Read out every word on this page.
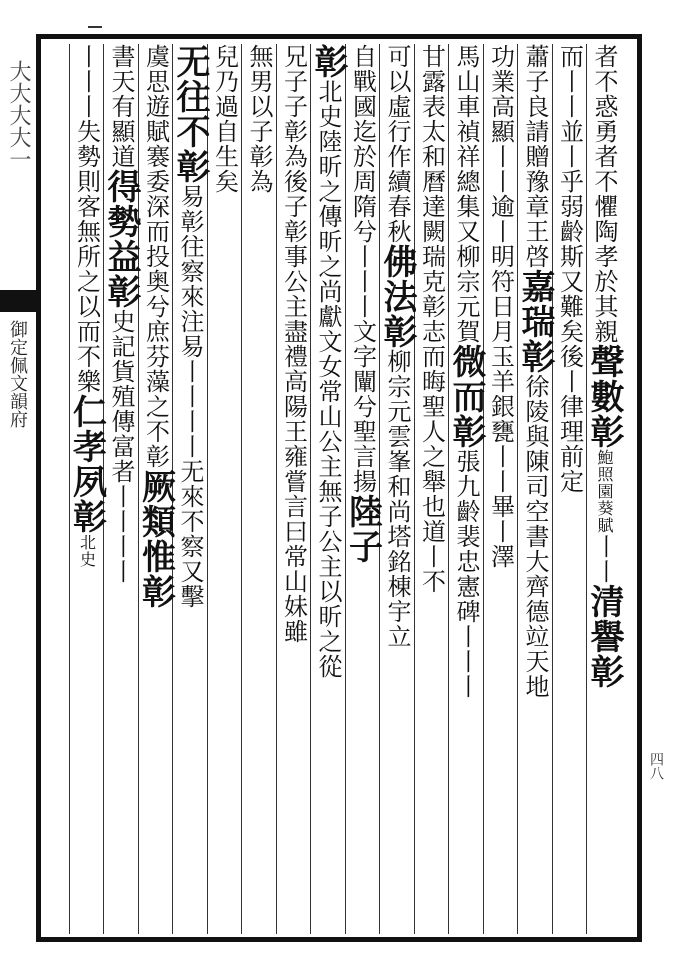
大大大大一
御定佩文韻府
四八
者不惑勇者不懼陶孝於其親聲數彰鮑照園葵賦丨丨清譽彰
而丨丨並丨乎弱齡斯又難矣後丨律理前定
蕭子良請贈豫章王啓嘉瑞彰徐陵與陳司空書大齊德竝天地
功業高顯丨丨逾丨明符日月玉羊銀甕丨丨畢丨澤
馬山車禎祥總集又柳宗元賀微而彰張九齡裴忠憲碑丨丨丨
甘露表太和曆達闕瑞克彰志而晦聖人之舉也道丨不
可以虛行作續春秋佛法彰柳宗元雲峯和尚塔銘棟宇立
自戰國迄於周隋兮丨丨丨文字闡兮聖言揚陸子
彰北史陸昕之傳昕之尚獻文女常山公主無子公主以昕之從
兄子子彰為後子彰事公主盡禮高陽王雍嘗言曰常山妹雖
無男以子彰為
兒乃過自生矣
无往不彰易彰往察來注易丨丨丨丨无來不察又擊
虞思遊賦褰委深而投奥兮庶芬藻之不彰厥類惟彰
書天有顯道得勢益彰史記貨殖傳富者丨丨丨丨
丨丨丨失勢則客無所之以而不樂仁孝夙彰北史
